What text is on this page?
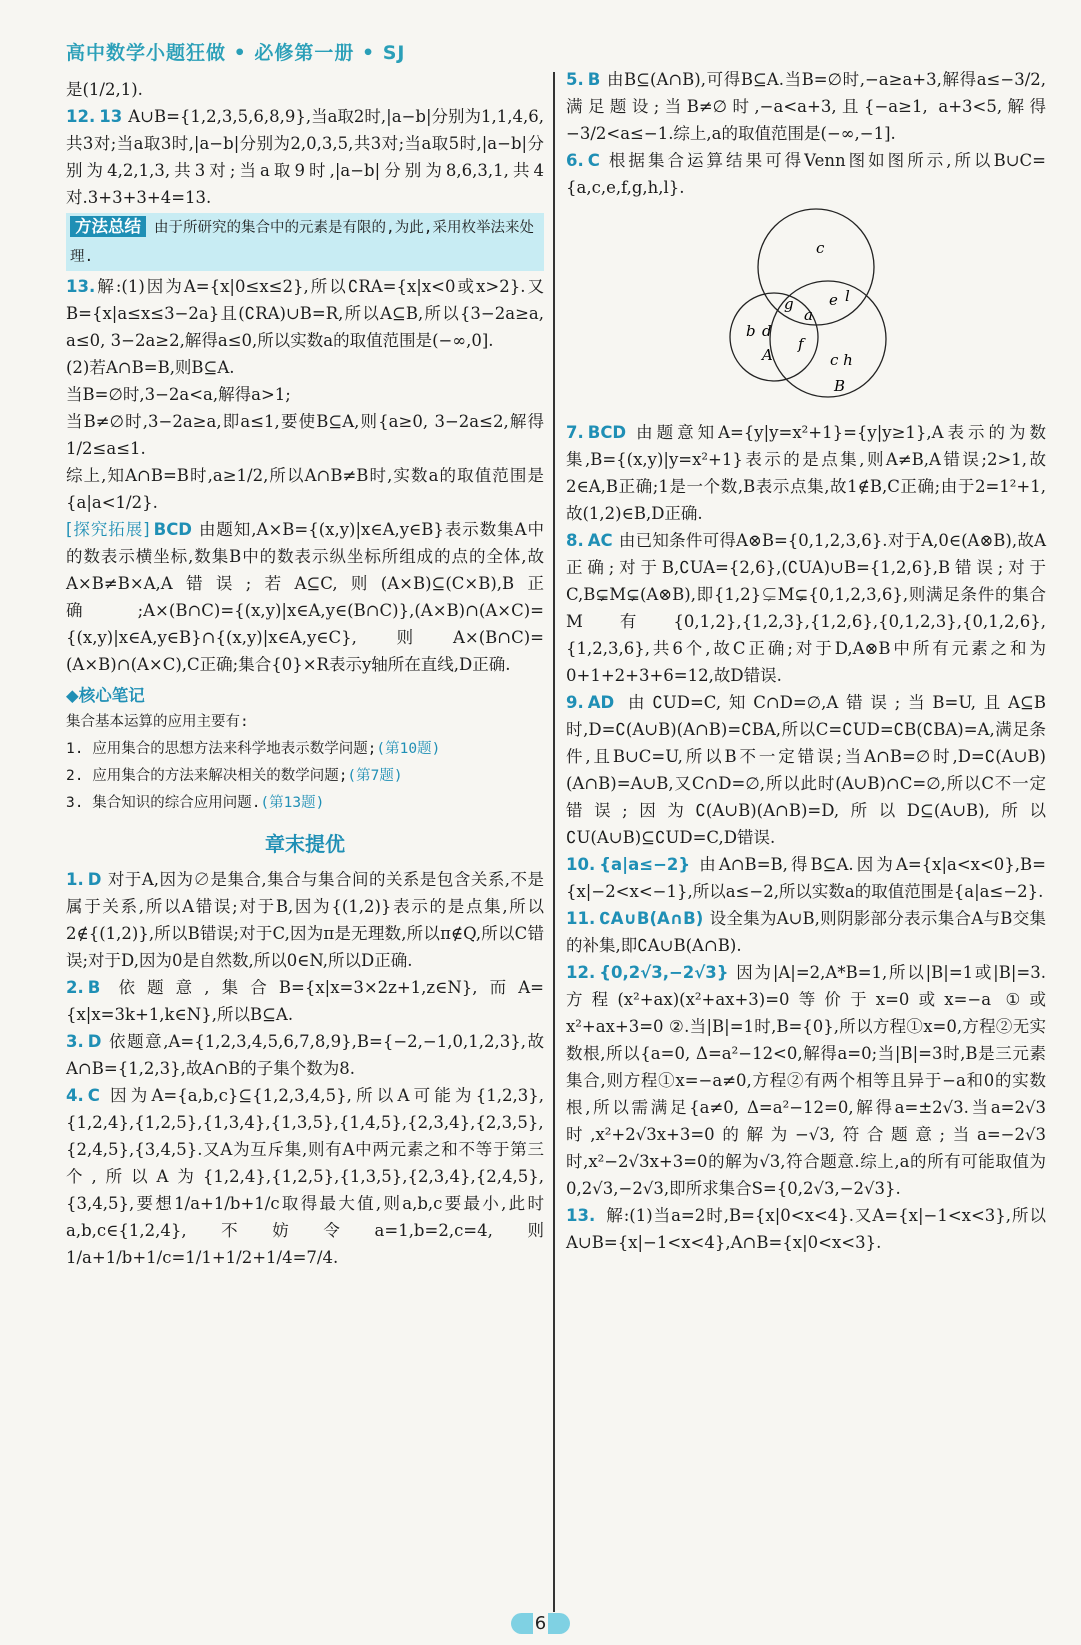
高中数学小题狂做 • 必修第一册 • SJ

是(1/2,1).

12. 13 A∪B={1,2,3,5,6,8,9},当a取2时,|a−b|分别为1,1,4,6,共3对;当a取3时,|a−b|分别为2,0,3,5,共3对;当a取5时,|a−b|分别为4,2,1,3,共3对;当a取9时,|a−b|分别为8,6,3,1,共4对.3+3+3+4=13.

方法总结 由于所研究的集合中的元素是有限的,为此,采用枚举法来处理.

13.解:(1)因为A={x|0≤x≤2},所以∁RA={x|x<0或x>2}.又B={x|a≤x≤3−2a}且(∁RA)∪B=R,所以A⊆B,所以{3−2a≥a, a≤0, 3−2a≥2,解得a≤0,所以实数a的取值范围是(−∞,0].

(2)若A∩B=B,则B⊆A.

当B=∅时,3−2a<a,解得a>1;

当B≠∅时,3−2a≥a,即a≤1,要使B⊆A,则{a≥0, 3−2a≤2,解得1/2≤a≤1.

综上,知A∩B=B时,a≥1/2,所以A∩B≠B时,实数a的取值范围是{a|a<1/2}.

[探究拓展] BCD 由题知,A×B={(x,y)|x∈A,y∈B}表示数集A中的数表示横坐标,数集B中的数表示纵坐标所组成的点的全体,故A×B≠B×A,A错误;若A⊆C,则(A×B)⊆(C×B),B正确;A×(B∩C)={(x,y)|x∈A,y∈(B∩C)},(A×B)∩(A×C)={(x,y)|x∈A,y∈B}∩{(x,y)|x∈A,y∈C},则A×(B∩C)=(A×B)∩(A×C),C正确;集合{0}×R表示y轴所在直线,D正确.

◆核心笔记
集合基本运算的应用主要有:
1. 应用集合的思想方法来科学地表示数学问题;(第10题)
2. 应用集合的方法来解决相关的数学问题;(第7题)
3. 集合知识的综合应用问题.(第13题)
章末提优

1. D 对于A,因为∅是集合,集合与集合间的关系是包含关系,不是属于关系,所以A错误;对于B,因为{(1,2)}表示的是点集,所以2∉{(1,2)},所以B错误;对于C,因为π是无理数,所以π∉Q,所以C错误;对于D,因为0是自然数,所以0∈N,所以D正确.

2. B 依题意,集合B={x|x=3×2z+1,z∈N},而A={x|x=3k+1,k∈N},所以B⊆A.

3. D 依题意,A={1,2,3,4,5,6,7,8,9},B={−2,−1,0,1,2,3},故A∩B={1,2,3},故A∩B的子集个数为8.

4. C 因为A={a,b,c}⊆{1,2,3,4,5},所以A可能为{1,2,3},{1,2,4},{1,2,5},{1,3,4},{1,3,5},{1,4,5},{2,3,4},{2,3,5},{2,4,5},{3,4,5}.又A为互斥集,则有A中两元素之和不等于第三个,所以A为{1,2,4},{1,2,5},{1,3,5},{2,3,4},{2,4,5},{3,4,5},要想1/a+1/b+1/c取得最大值,则a,b,c要最小,此时a,b,c∈{1,2,4},不妨令a=1,b=2,c=4,则1/a+1/b+1/c=1/1+1/2+1/4=7/4.

5. B 由B⊆(A∩B),可得B⊆A.当B=∅时,−a≥a+3,解得a≤−3/2,满足题设;当B≠∅时,−a<a+3,且{−a≥1, a+3<5,解得−3/2<a≤−1.综上,a的取值范围是(−∞,−1].

6. C 根据集合运算结果可得Venn图如图所示,所以B∪C={a,c,e,f,g,h,l}.

c
g e l
a
b d
f
A	c h
B

7. BCD 由题意知A={y|y=x²+1}={y|y≥1},A表示的为数集,B={(x,y)|y=x²+1}表示的是点集,则A≠B,A错误;2>1,故2∈A,B正确;1是一个数,B表示点集,故1∉B,C正确;由于2=1²+1,故(1,2)∈B,D正确.

8. AC 由已知条件可得A⊗B={0,1,2,3,6}.对于A,0∈(A⊗B),故A正确;对于B,∁UA={2,6},(∁UA)∪B={1,2,6},B错误;对于C,B⊊M⊊(A⊗B),即{1,2}⊊M⊊{0,1,2,3,6},则满足条件的集合M有{0,1,2},{1,2,3},{1,2,6},{0,1,2,3},{0,1,2,6},{1,2,3,6},共6个,故C正确;对于D,A⊗B中所有元素之和为0+1+2+3+6=12,故D错误.

9. AD 由∁UD=C,知C∩D=∅,A错误;当B=U,且A⊆B时,D=∁(A∪B)(A∩B)=∁BA,所以C=∁UD=∁B(∁BA)=A,满足条件,且B∪C=U,所以B不一定错误;当A∩B=∅时,D=∁(A∪B)(A∩B)=A∪B,又C∩D=∅,所以此时(A∪B)∩C=∅,所以C不一定错误;因为∁(A∪B)(A∩B)=D,所以D⊆(A∪B),所以∁U(A∪B)⊆∁UD=C,D错误.

10. {a|a≤−2} 由A∩B=B,得B⊆A.因为A={x|a<x<0},B={x|−2<x<−1},所以a≤−2,所以实数a的取值范围是{a|a≤−2}.

11. ∁A∪B(A∩B) 设全集为A∪B,则阴影部分表示集合A与B交集的补集,即∁A∪B(A∩B).

12. {0,2√3,−2√3} 因为|A|=2,A*B=1,所以|B|=1或|B|=3.方程(x²+ax)(x²+ax+3)=0等价于x=0或x=−a ①或x²+ax+3=0 ②.当|B|=1时,B={0},所以方程①x=0,方程②无实数根,所以{a=0, Δ=a²−12<0,解得a=0;当|B|=3时,B是三元素集合,则方程①x=−a≠0,方程②有两个相等且异于−a和0的实数根,所以需满足{a≠0, Δ=a²−12=0,解得a=±2√3.当a=2√3时,x²+2√3x+3=0的解为−√3,符合题意;当a=−2√3时,x²−2√3x+3=0的解为√3,符合题意.综上,a的所有可能取值为0,2√3,−2√3,即所求集合S={0,2√3,−2√3}.

13. 解:(1)当a=2时,B={x|0<x<4}.又A={x|−1<x<3},所以A∪B={x|−1<x<4},A∩B={x|0<x<3}.

6
